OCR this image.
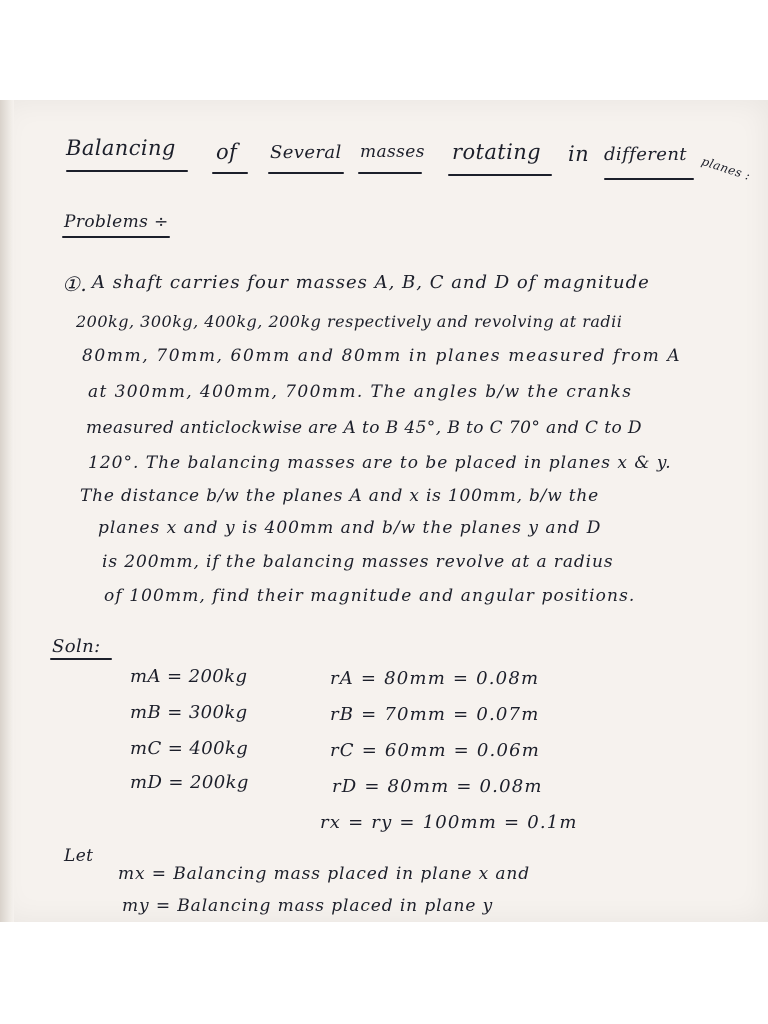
Balancing of Several masses rotating in different planes :
Problems ÷
①. A shaft carries four masses A, B, C and D of magnitude
200kg, 300kg, 400kg, 200kg respectively and revolving at radii
80mm, 70mm, 60mm and 80mm in planes measured from A
at 300mm, 400mm, 700mm. The angles b/w the cranks
measured anticlockwise are A to B 45°, B to C 70° and C to D
120°. The balancing masses are to be placed in planes x & y.
The distance b/w the planes A and x is 100mm, b/w the
planes x and y is 400mm and b/w the planes y and D
is 200mm, if the balancing masses revolve at a radius
of 100mm, find their magnitude and angular positions.
Soln:
mA = 200kg
mB = 300kg
mC = 400kg
mD = 200kg
rA = 80mm = 0.08m
rB = 70mm = 0.07m
rC = 60mm = 0.06m
rD = 80mm = 0.08m
rx = ry = 100mm = 0.1m
Let
mx = Balancing mass placed in plane x and
my = Balancing mass placed in plane y
